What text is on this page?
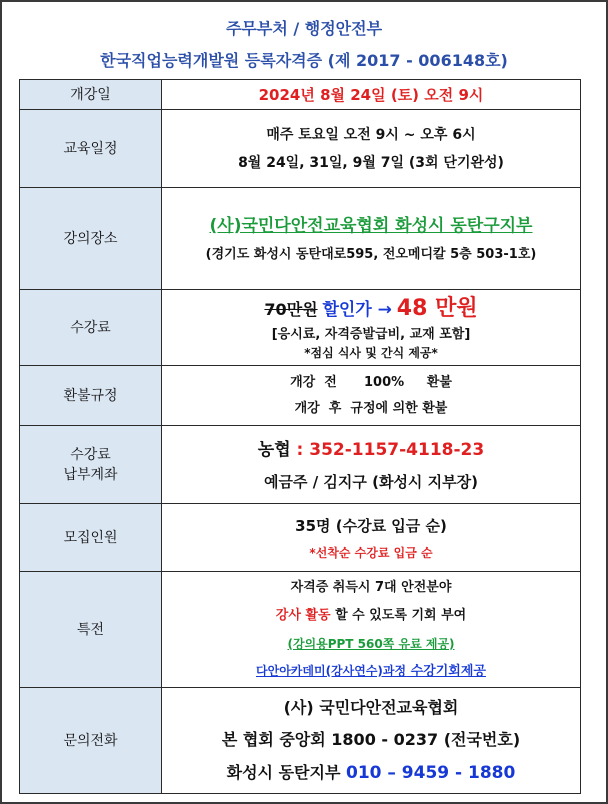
주무부처 / 행정안전부
한국직업능력개발원 등록자격증 (제 2017 - 006148호)
개강일	2024년 8월 24일 (토) 오전 9시

교육일정	매주 토요일 오전 9시 ~ 오후 6시
8월 24일, 31일, 9월 7일 (3회 단기완성)

강의장소	(사)국민다안전교육협회 화성시 동탄구지부
(경기도 화성시 동탄대로595, 전오메디칼 5층 503-1호)

수강료	70만원 할인가 → 48 만원
[응시료, 자격증발급비, 교재 포함]
*점심 식사 및 간식 제공*

환불규정	개강  전      100%     환불
개강  후  규정에 의한 환불

수강료
납부계좌	농협 : 352-1157-4118-23
예금주 / 김지구 (화성시 지부장)

모집인원	35명 (수강료 입금 순)
*선착순 수강료 입금 순

특전	자격증 취득시 7대 안전분야
강사 활동 할 수 있도록 기회 부여
(강의용PPT 560쪽 유료 제공)
다안아카데미(강사연수)과정 수강기회제공

문의전화	(사) 국민다안전교육협회
본 협회 중앙회 1800 - 0237 (전국번호)
화성시 동탄지부 010 – 9459 - 1880
